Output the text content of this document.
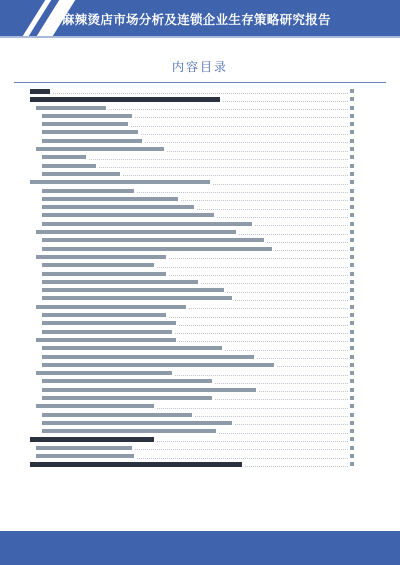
麻辣烫店市场分析及连锁企业生存策略研究报告
内容目录
